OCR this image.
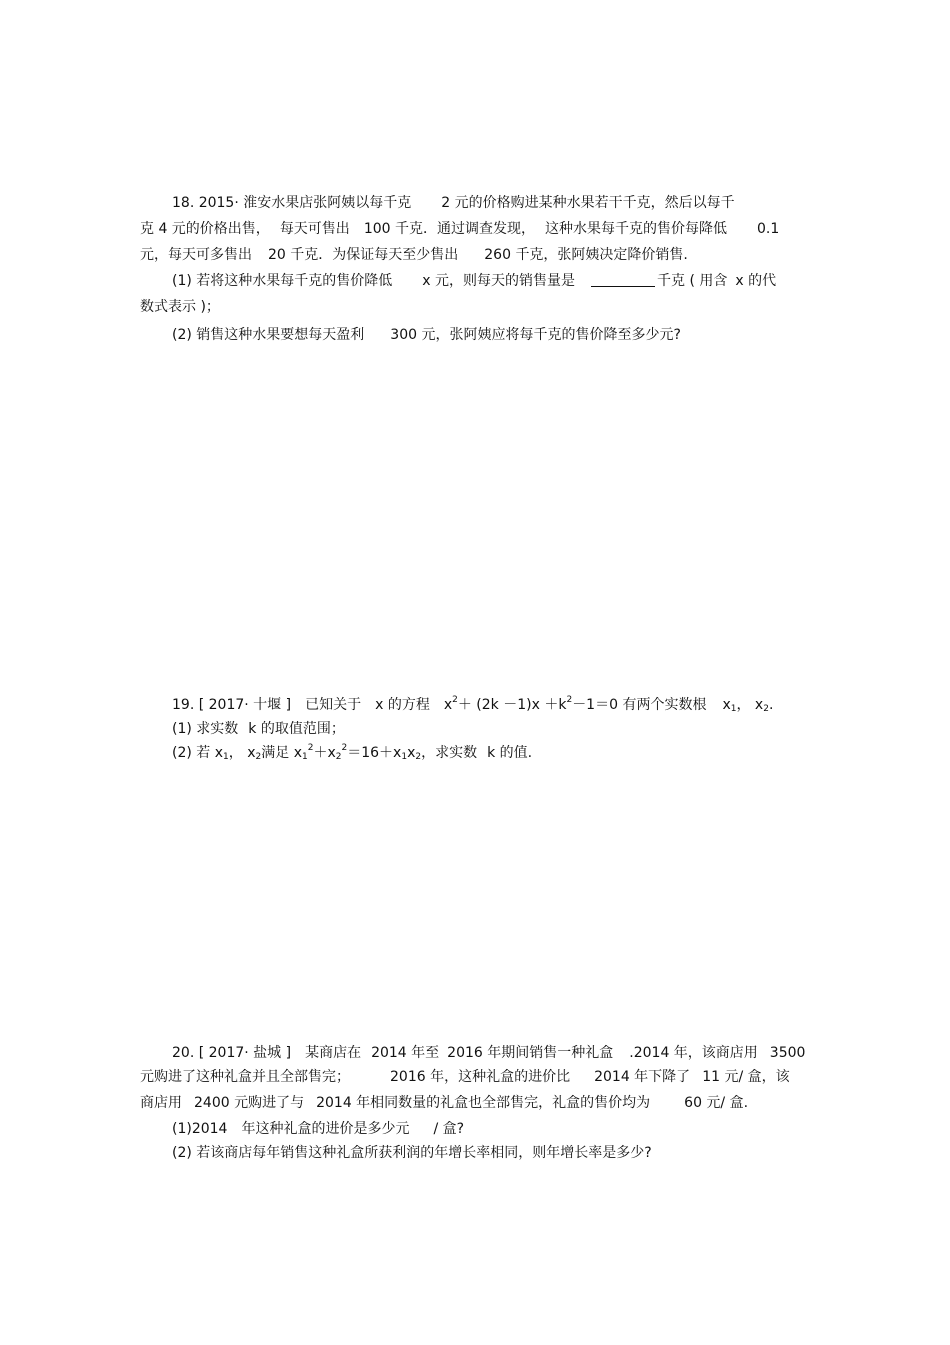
18. 2015· 淮安水果店张阿姨以每千克 2 元的价格购进某种水果若干千克，然后以每千
克 4 元的价格出售， 每天可售出 100 千克．通过调查发现， 这种水果每千克的售价每降低 0.1
元，每天可多售出 20 千克．为保证每天至少售出 260 千克，张阿姨决定降价销售.
(1) 若将这种水果每千克的售价降低 x 元，则每天的销售量是	千克 ( 用含 x 的代
数式表示 )；
(2) 销售这种水果要想每天盈利 300 元，张阿姨应将每千克的售价降至多少元?
19. [ 2017· 十堰 ] 已知关于 x 的方程 $x^2+ (2k -1)x +k^2-1=0$ 有两个实数根 $x_1$， $x_2$.
(1) 求实数 k 的取值范围；
(2) 若 $x_1$， $x_2$满足 $x_1^2+x_2^2=16+x_1x_2$，求实数 k 的值.
20. [ 2017· 盐城 ] 某商店在 2014 年至 2016 年期间销售一种礼盒 .2014 年，该商店用 3500
元购进了这种礼盒并且全部售完；	2016 年，这种礼盒的进价比 2014 年下降了 11 元/ 盒，该
商店用 2400 元购进了与 2014 年相同数量的礼盒也全部售完，礼盒的售价均为 60 元/ 盒.
(1)2014 年这种礼盒的进价是多少元 / 盒?
(2) 若该商店每年销售这种礼盒所获利润的年增长率相同，则年增长率是多少?
